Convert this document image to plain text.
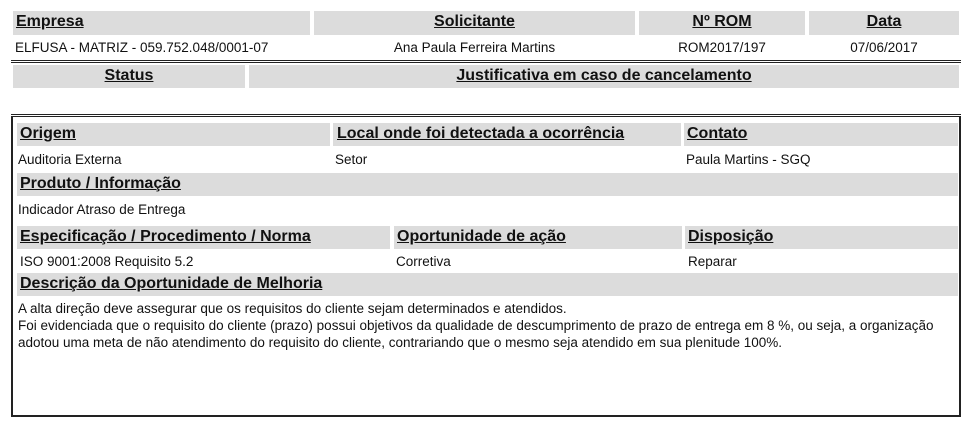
Empresa	Solicitante	Nº ROM	Data
ELFUSA - MATRIZ - 059.752.048/0001-07	Ana Paula Ferreira Martins	ROM2017/197	07/06/2017
Status	Justificativa em caso de cancelamento
Origem	Local onde foi detectada a ocorrência	Contato
Auditoria Externa	Setor	Paula Martins - SGQ
Produto / Informação
Indicador Atraso de Entrega
Especificação / Procedimento / Norma	Oportunidade de ação	Disposição
ISO 9001:2008 Requisito 5.2	Corretiva	Reparar
Descrição da Oportunidade de Melhoria
A alta direção deve assegurar que os requisitos do cliente sejam determinados e atendidos.
Foi evidenciada que o requisito do cliente (prazo) possui objetivos da qualidade de descumprimento de prazo de entrega em 8 %, ou seja, a organização adotou uma meta de não atendimento do requisito do cliente, contrariando que o mesmo seja atendido em sua plenitude 100%.
